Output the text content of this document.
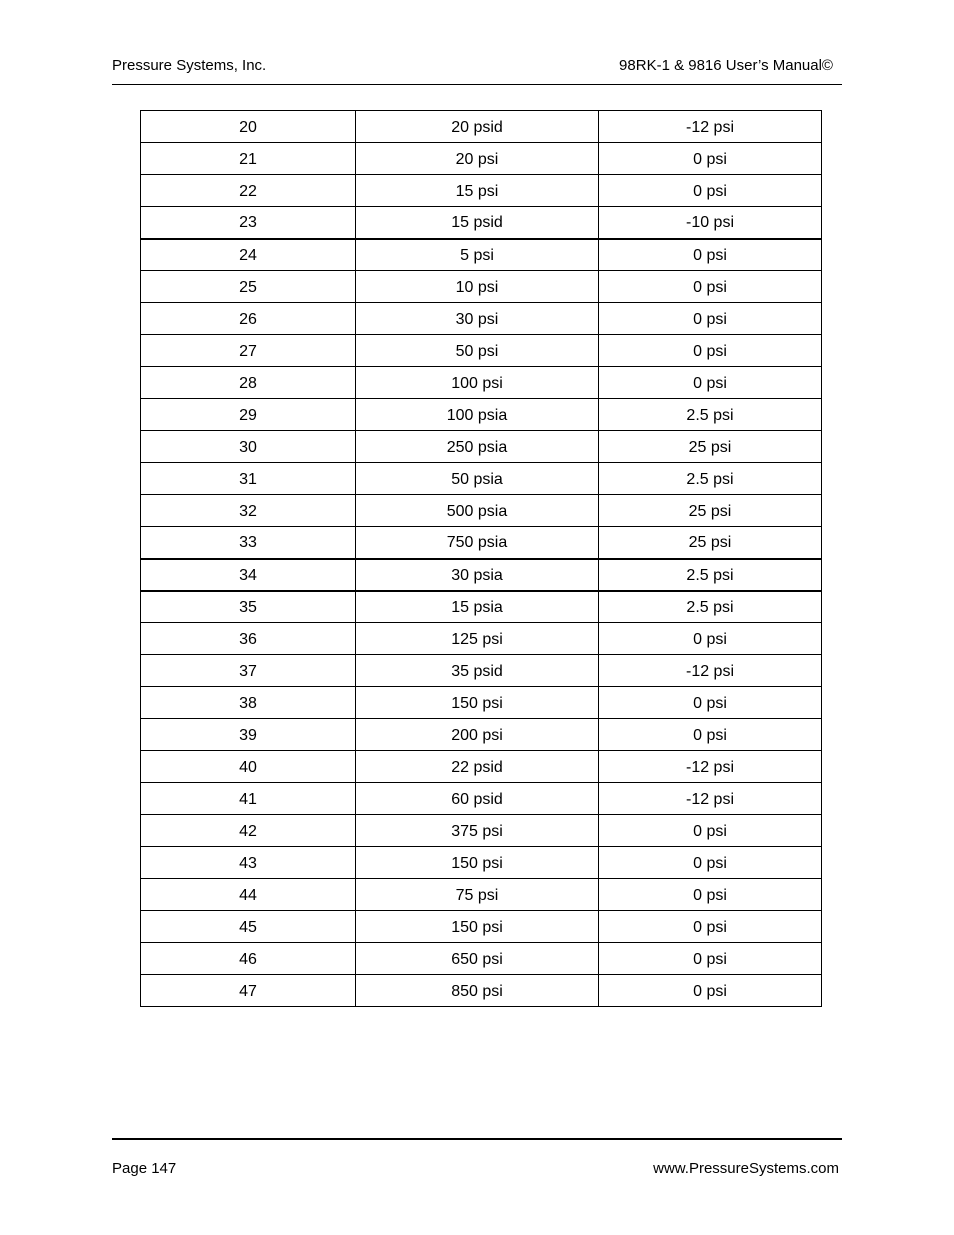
Pressure Systems, Inc.	98RK-1 & 9816 User’s Manual©
20	20 psid	-12 psi
21	20 psi	0 psi
22	15 psi	0 psi
23	15 psid	-10 psi
24	5 psi	0 psi
25	10 psi	0 psi
26	30 psi	0 psi
27	50 psi	0 psi
28	100 psi	0 psi
29	100 psia	2.5 psi
30	250 psia	25 psi
31	50 psia	2.5 psi
32	500 psia	25 psi
33	750 psia	25 psi
34	30 psia	2.5 psi
35	15 psia	2.5 psi
36	125 psi	0 psi
37	35 psid	-12 psi
38	150 psi	0 psi
39	200 psi	0 psi
40	22 psid	-12 psi
41	60 psid	-12 psi
42	375 psi	0 psi
43	150 psi	0 psi
44	75 psi	0 psi
45	150 psi	0 psi
46	650 psi	0 psi
47	850 psi	0 psi
Page 147	www.PressureSystems.com
